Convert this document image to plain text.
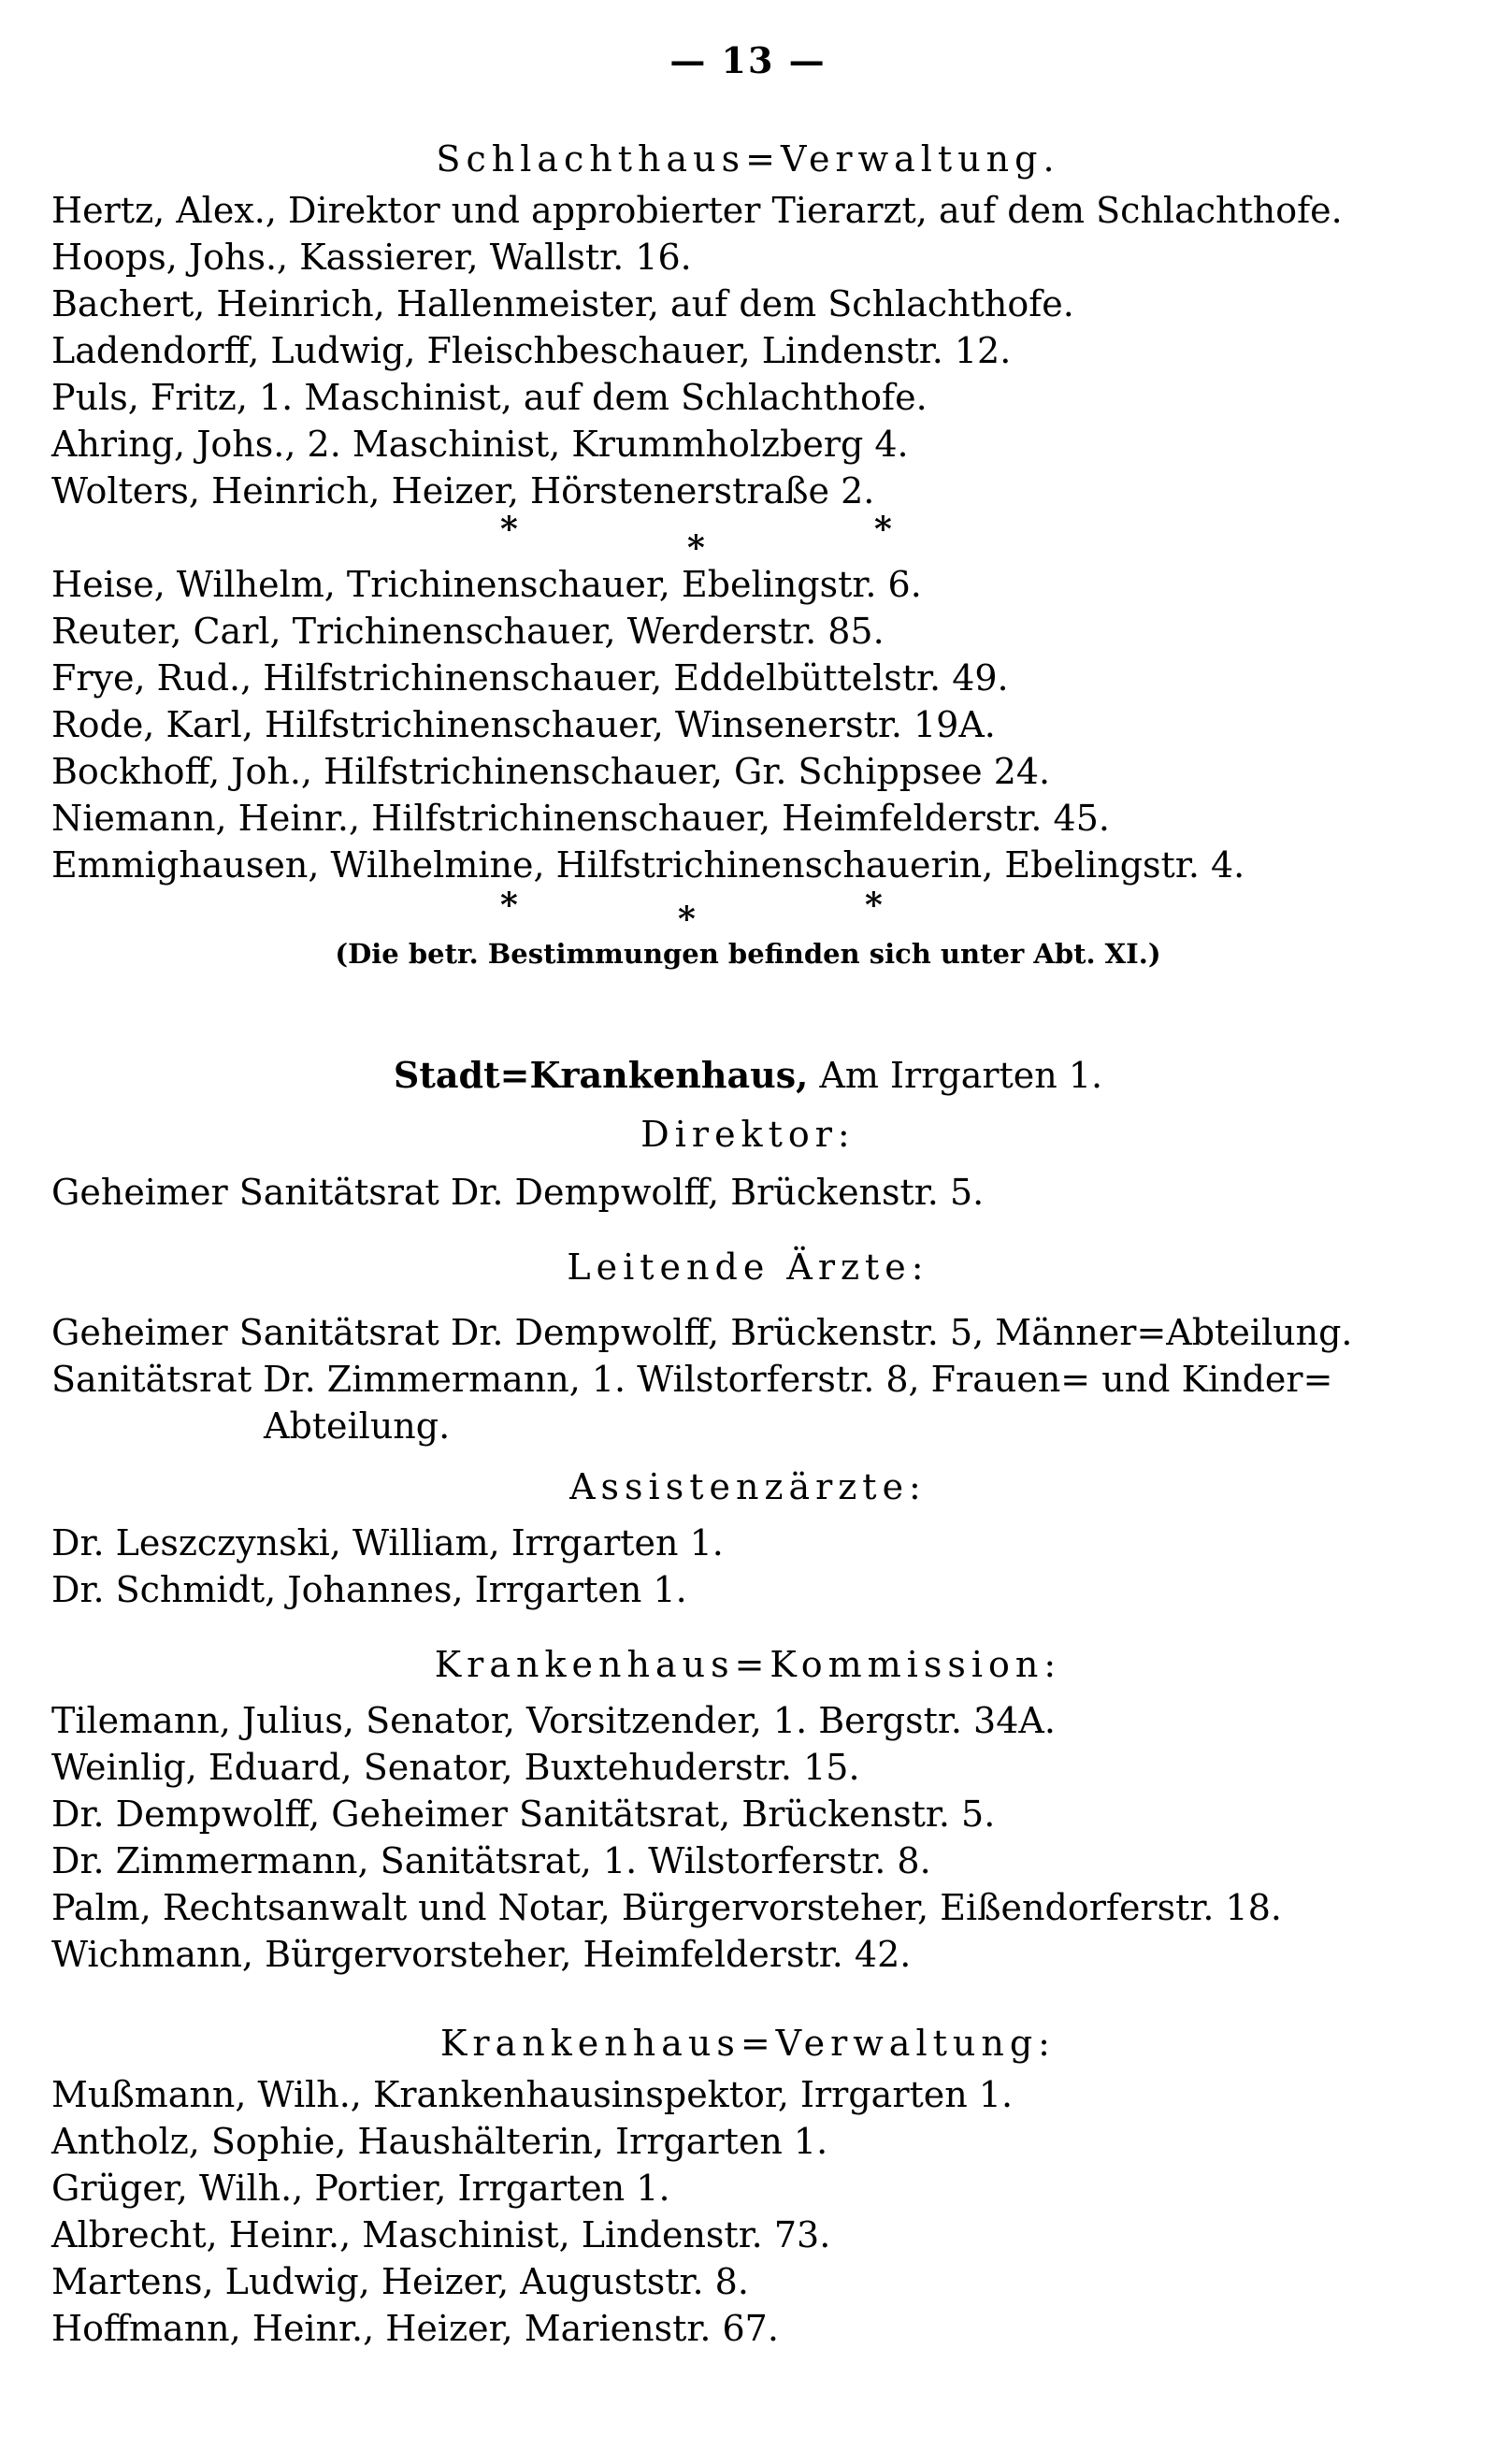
— 13 —
Schlachthaus=Verwaltung.
Hertz, Alex., Direktor und approbierter Tierarzt, auf dem Schlachthofe.
Hoops, Johs., Kassierer, Wallstr. 16.
Bachert, Heinrich, Hallenmeister, auf dem Schlachthofe.
Ladendorff, Ludwig, Fleischbeschauer, Lindenstr. 12.
Puls, Fritz, 1. Maschinist, auf dem Schlachthofe.
Ahring, Johs., 2. Maschinist, Krummholzberg 4.
Wolters, Heinrich, Heizer, Hörstenerstraße 2.
*	*	*
Heise, Wilhelm, Trichinenschauer, Ebelingstr. 6.
Reuter, Carl, Trichinenschauer, Werderstr. 85.
Frye, Rud., Hilfstrichinenschauer, Eddelbüttelstr. 49.
Rode, Karl, Hilfstrichinenschauer, Winsenerstr. 19A.
Bockhoff, Joh., Hilfstrichinenschauer, Gr. Schippsee 24.
Niemann, Heinr., Hilfstrichinenschauer, Heimfelderstr. 45.
Emmighausen, Wilhelmine, Hilfstrichinenschauerin, Ebelingstr. 4.
*	*	*
(Die betr. Bestimmungen befinden sich unter Abt. XI.)
Stadt=Krankenhaus, Am Irrgarten 1.
Direktor:
Geheimer Sanitätsrat Dr. Dempwolff, Brückenstr. 5.
Leitende Ärzte:
Geheimer Sanitätsrat Dr. Dempwolff, Brückenstr. 5, Männer=Abteilung.
Sanitätsrat Dr. Zimmermann, 1. Wilstorferstr. 8, Frauen= und Kinder=
Abteilung.
Assistenzärzte:
Dr. Leszczynski, William, Irrgarten 1.
Dr. Schmidt, Johannes, Irrgarten 1.
Krankenhaus=Kommission:
Tilemann, Julius, Senator, Vorsitzender, 1. Bergstr. 34A.
Weinlig, Eduard, Senator, Buxtehuderstr. 15.
Dr. Dempwolff, Geheimer Sanitätsrat, Brückenstr. 5.
Dr. Zimmermann, Sanitätsrat, 1. Wilstorferstr. 8.
Palm, Rechtsanwalt und Notar, Bürgervorsteher, Eißendorferstr. 18.
Wichmann, Bürgervorsteher, Heimfelderstr. 42.
Krankenhaus=Verwaltung:
Mußmann, Wilh., Krankenhausinspektor, Irrgarten 1.
Antholz, Sophie, Haushälterin, Irrgarten 1.
Grüger, Wilh., Portier, Irrgarten 1.
Albrecht, Heinr., Maschinist, Lindenstr. 73.
Martens, Ludwig, Heizer, Auguststr. 8.
Hoffmann, Heinr., Heizer, Marienstr. 67.
